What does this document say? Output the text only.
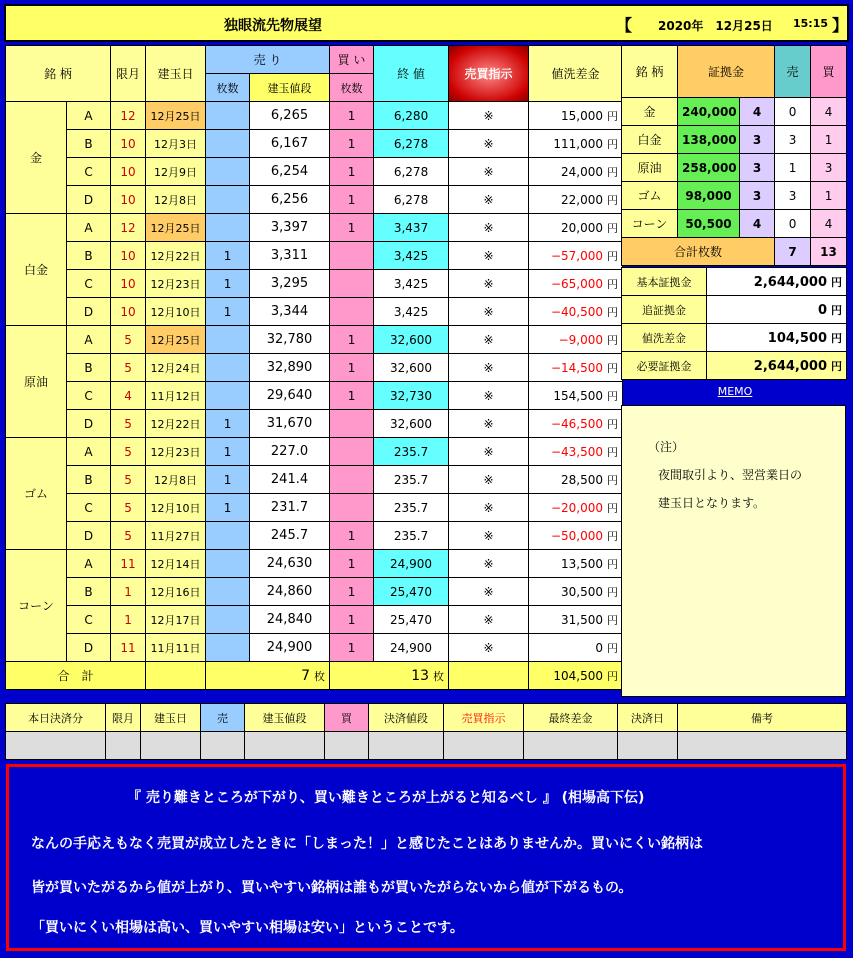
独眼流先物展望	【 2020年　12月25日 15:15 】
銘 柄		限月	建玉日	売 り		買 い	終 値	売買指示	値洗差金
				枚数	建玉値段	枚数			
金	A	12	12月25日		6,265	1	6,280	※	15,000 円
	B	10	12月3日		6,167	1	6,278	※	111,000 円
	C	10	12月9日		6,254	1	6,278	※	24,000 円
	D	10	12月8日		6,256	1	6,278	※	22,000 円
白金	A	12	12月25日		3,397	1	3,437	※	20,000 円
	B	10	12月22日	1	3,311		3,425	※	−57,000 円
	C	10	12月23日	1	3,295		3,425	※	−65,000 円
	D	10	12月10日	1	3,344		3,425	※	−40,500 円
原油	A	5	12月25日		32,780	1	32,600	※	−9,000 円
	B	5	12月24日		32,890	1	32,600	※	−14,500 円
	C	4	11月12日		29,640	1	32,730	※	154,500 円
	D	5	12月22日	1	31,670		32,600	※	−46,500 円
ゴム	A	5	12月23日	1	227.0		235.7	※	−43,500 円
	B	5	12月8日	1	241.4		235.7	※	28,500 円
	C	5	12月10日	1	231.7		235.7	※	−20,000 円
	D	5	11月27日		245.7	1	235.7	※	−50,000 円
コーン	A	11	12月14日		24,630	1	24,900	※	13,500 円
	B	1	12月16日		24,860	1	25,470	※	30,500 円
	C	1	12月17日		24,840	1	25,470	※	31,500 円
	D	11	11月11日		24,900	1	24,900	※	0 円
合　計				7 枚		13 枚			104,500 円
銘 柄	証拠金		売	買
金	240,000	4	0	4
白金	138,000	3	3	1
原油	258,000	3	1	3
ゴム	98,000	3	3	1
コーン	50,500	4	0	4
合計枚数			7	13
基本証拠金	2,644,000 円
追証拠金	0 円
値洗差金	104,500 円
必要証拠金	2,644,000 円
MEMO
（注）
夜間取引より、翌営業日の
建玉日となります。
本日決済分	限月	建玉日	売	建玉値段	買	決済値段	売買指示	最終差金	決済日	備考

『 売り難きところが下がり、買い難きところが上がると知るべし 』 (相場高下伝)
なんの手応えもなく売買が成立したときに「しまった！」と感じたことはありませんか。買いにくい銘柄は
皆が買いたがるから値が上がり、買いやすい銘柄は誰もが買いたがらないから値が下がるもの。
「買いにくい相場は高い、買いやすい相場は安い」ということです。
